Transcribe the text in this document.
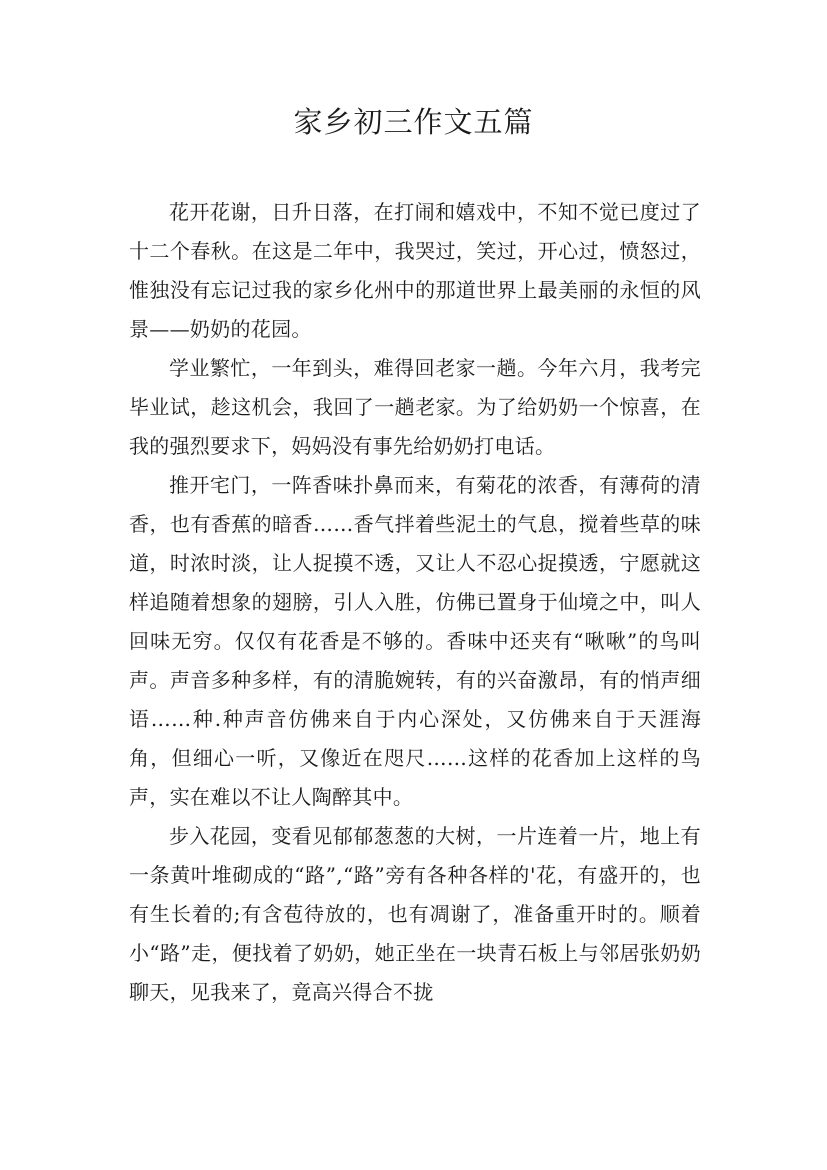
家乡初三作文五篇

花开花谢，日升日落，在打闹和嬉戏中，不知不觉已度过了十二个春秋。在这是二年中，我哭过，笑过，开心过，愤怒过，惟独没有忘记过我的家乡化州中的那道世界上最美丽的永恒的风景——奶奶的花园。

学业繁忙，一年到头，难得回老家一趟。今年六月，我考完毕业试，趁这机会，我回了一趟老家。为了给奶奶一个惊喜，在我的强烈要求下，妈妈没有事先给奶奶打电话。

推开宅门，一阵香味扑鼻而来，有菊花的浓香，有薄荷的清香，也有香蕉的暗香……香气拌着些泥土的气息，搅着些草的味道，时浓时淡，让人捉摸不透，又让人不忍心捉摸透，宁愿就这样追随着想象的翅膀，引人入胜，仿佛已置身于仙境之中，叫人回味无穷。仅仅有花香是不够的。香味中还夹有“啾啾”的鸟叫声。声音多种多样，有的清脆婉转，有的兴奋激昂，有的悄声细语……种.种声音仿佛来自于内心深处，又仿佛来自于天涯海角，但细心一听，又像近在咫尺……这样的花香加上这样的鸟声，实在难以不让人陶醉其中。

步入花园，变看见郁郁葱葱的大树，一片连着一片，地上有一条黄叶堆砌成的“路”,“路”旁有各种各样的'花，有盛开的，也有生长着的;有含苞待放的，也有凋谢了，准备重开时的。顺着小“路”走，便找着了奶奶，她正坐在一块青石板上与邻居张奶奶聊天，见我来了，竟高兴得合不拢
